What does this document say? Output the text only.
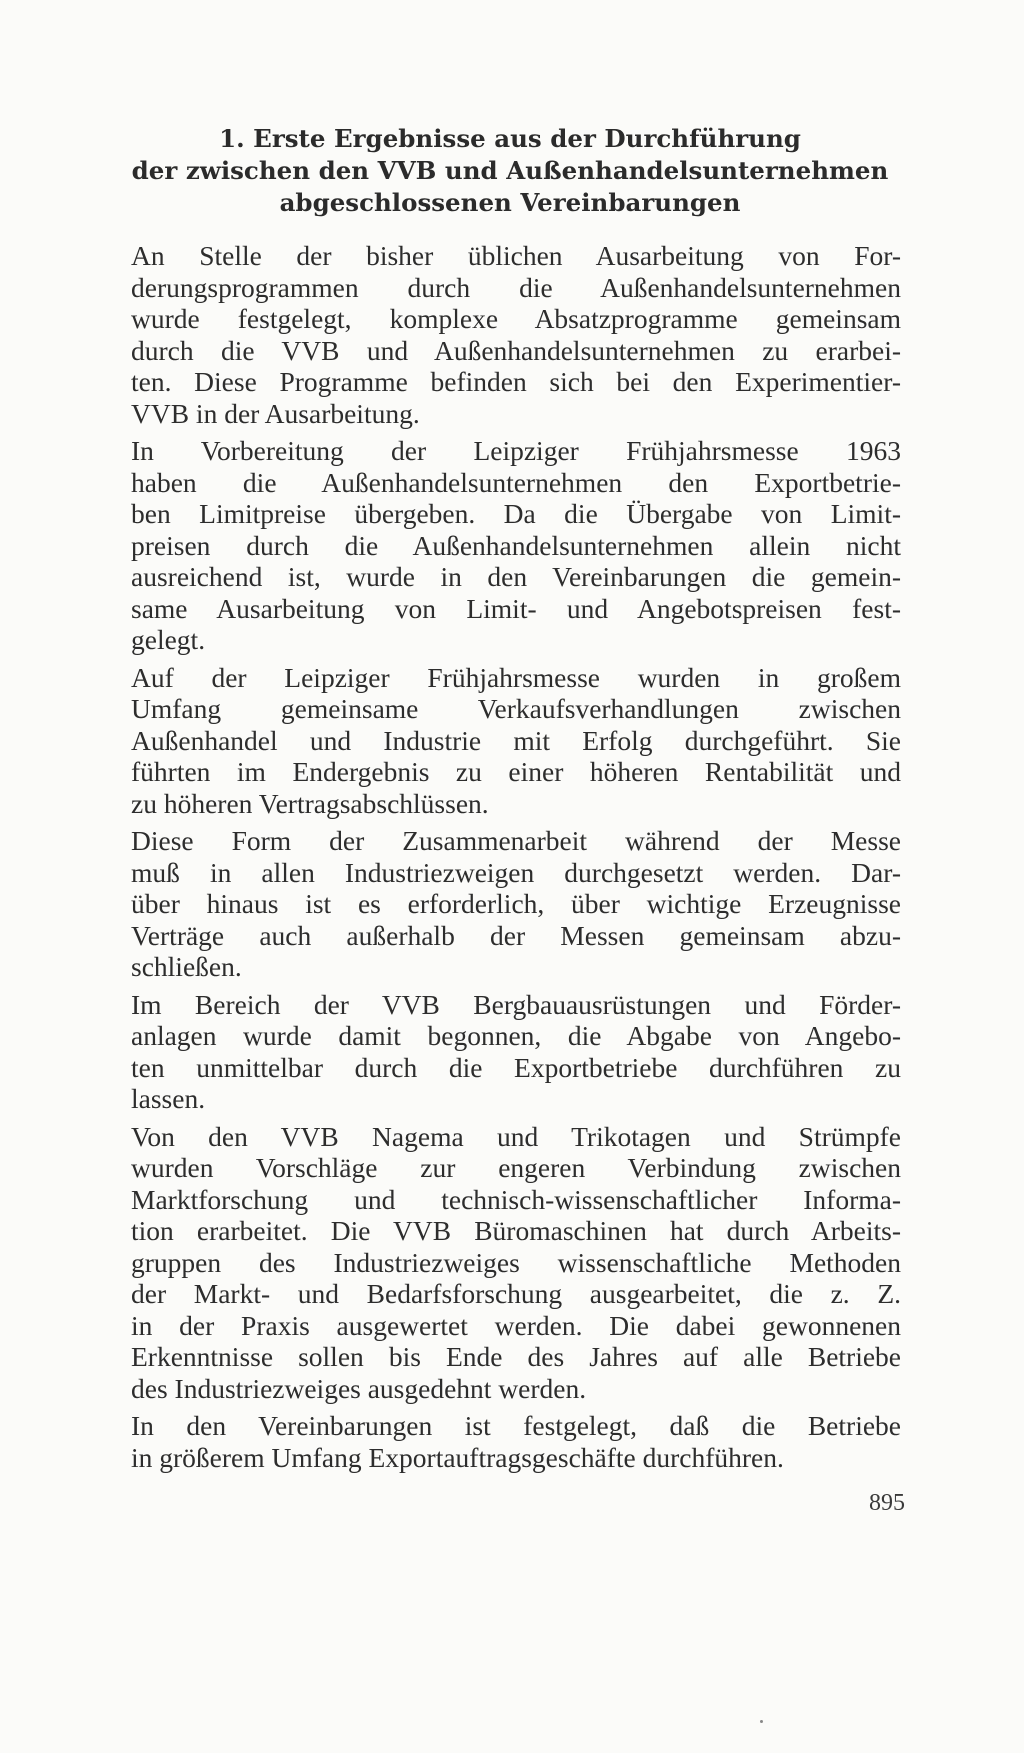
1. Erste Ergebnisse aus der Durchführung
der zwischen den VVB und Außenhandelsunternehmen
abgeschlossenen Vereinbarungen
An Stelle der bisher üblichen Ausarbeitung von For-
derungsprogrammen durch die Außenhandelsunternehmen
wurde festgelegt, komplexe Absatzprogramme gemeinsam
durch die VVB und Außenhandelsunternehmen zu erarbei-
ten. Diese Programme befinden sich bei den Experimentier-
VVB in der Ausarbeitung.
In Vorbereitung der Leipziger Frühjahrsmesse 1963
haben die Außenhandelsunternehmen den Exportbetrie-
ben Limitpreise übergeben. Da die Übergabe von Limit-
preisen durch die Außenhandelsunternehmen allein nicht
ausreichend ist, wurde in den Vereinbarungen die gemein-
same Ausarbeitung von Limit- und Angebotspreisen fest-
gelegt.
Auf der Leipziger Frühjahrsmesse wurden in großem
Umfang gemeinsame Verkaufsverhandlungen zwischen
Außenhandel und Industrie mit Erfolg durchgeführt. Sie
führten im Endergebnis zu einer höheren Rentabilität und
zu höheren Vertragsabschlüssen.
Diese Form der Zusammenarbeit während der Messe
muß in allen Industriezweigen durchgesetzt werden. Dar-
über hinaus ist es erforderlich, über wichtige Erzeugnisse
Verträge auch außerhalb der Messen gemeinsam abzu-
schließen.
Im Bereich der VVB Bergbauausrüstungen und Förder-
anlagen wurde damit begonnen, die Abgabe von Angebo-
ten unmittelbar durch die Exportbetriebe durchführen zu
lassen.
Von den VVB Nagema und Trikotagen und Strümpfe
wurden Vorschläge zur engeren Verbindung zwischen
Marktforschung und technisch-wissenschaftlicher Informa-
tion erarbeitet. Die VVB Büromaschinen hat durch Arbeits-
gruppen des Industriezweiges wissenschaftliche Methoden
der Markt- und Bedarfsforschung ausgearbeitet, die z. Z.
in der Praxis ausgewertet werden. Die dabei gewonnenen
Erkenntnisse sollen bis Ende des Jahres auf alle Betriebe
des Industriezweiges ausgedehnt werden.
In den Vereinbarungen ist festgelegt, daß die Betriebe
in größerem Umfang Exportauftragsgeschäfte durchführen.
895
